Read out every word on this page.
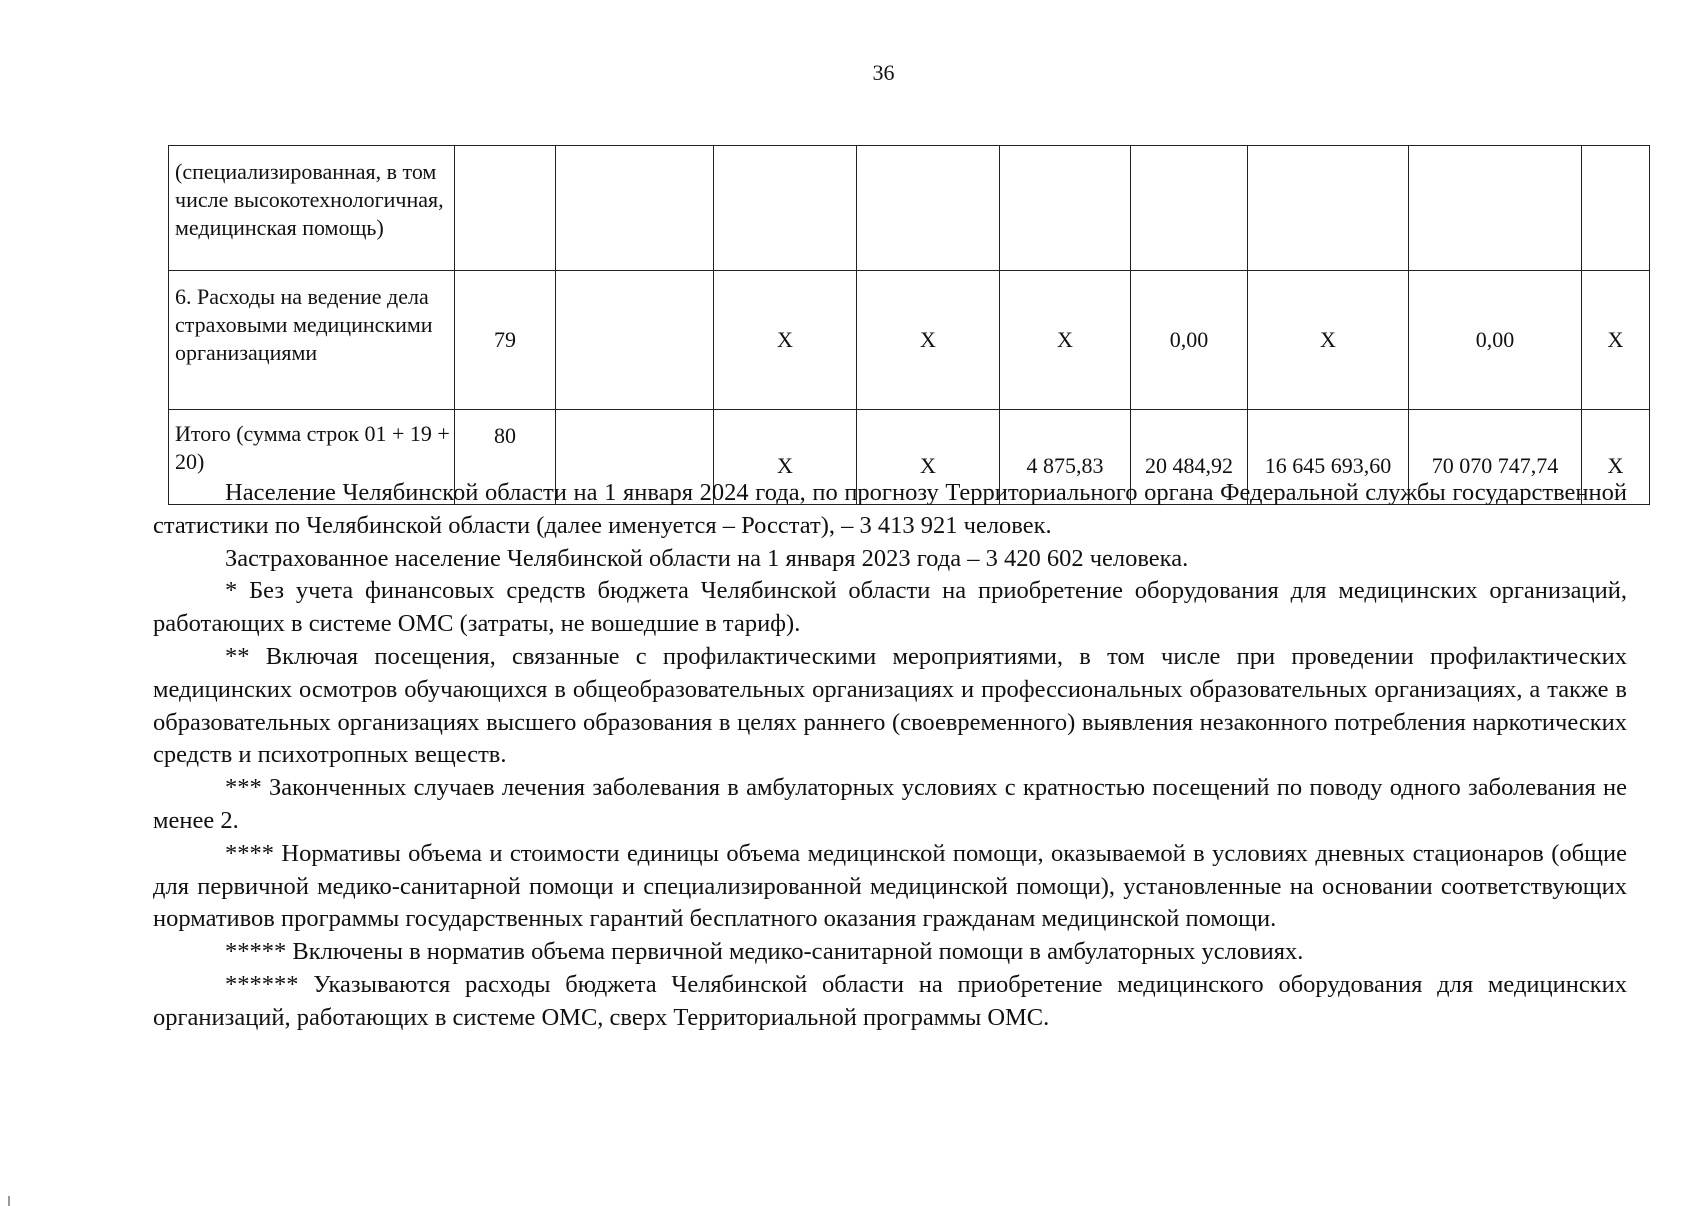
36
(специализированная, в том числе высокотехнологичная, медицинская помощь)									
6. Расходы на ведение дела страховыми медицинскими организациями	79		Х	Х	Х	0,00	Х	0,00	Х
Итого (сумма строк 01 + 19 + 20)	80		Х	Х	4 875,83	20 484,92	16 645 693,60	70 070 747,74	Х

Население Челябинской области на 1 января 2024 года, по прогнозу Территориального органа Федеральной службы государственной статистики по Челябинской области (далее именуется – Росстат), – 3 413 921 человек.

Застрахованное население Челябинской области на 1 января 2023 года – 3 420 602 человека.

* Без учета финансовых средств бюджета Челябинской области на приобретение оборудования для медицинских организаций, работающих в системе ОМС (затраты, не вошедшие в тариф).

** Включая посещения, связанные с профилактическими мероприятиями, в том числе при проведении профилактических медицинских осмотров обучающихся в общеобразовательных организациях и профессиональных образовательных организациях, а также в образовательных организациях высшего образования в целях раннего (своевременного) выявления незаконного потребления наркотических средств и психотропных веществ.

*** Законченных случаев лечения заболевания в амбулаторных условиях с кратностью посещений по поводу одного заболевания не менее 2.

**** Нормативы объема и стоимости единицы объема медицинской помощи, оказываемой в условиях дневных стационаров (общие для первичной медико-санитарной помощи и специализированной медицинской помощи), установленные на основании соответствующих нормативов программы государственных гарантий бесплатного оказания гражданам медицинской помощи.

***** Включены в норматив объема первичной медико-санитарной помощи в амбулаторных условиях.

****** Указываются расходы бюджета Челябинской области на приобретение медицинского оборудования для медицинских организаций, работающих в системе ОМС, сверх Территориальной программы ОМС.
